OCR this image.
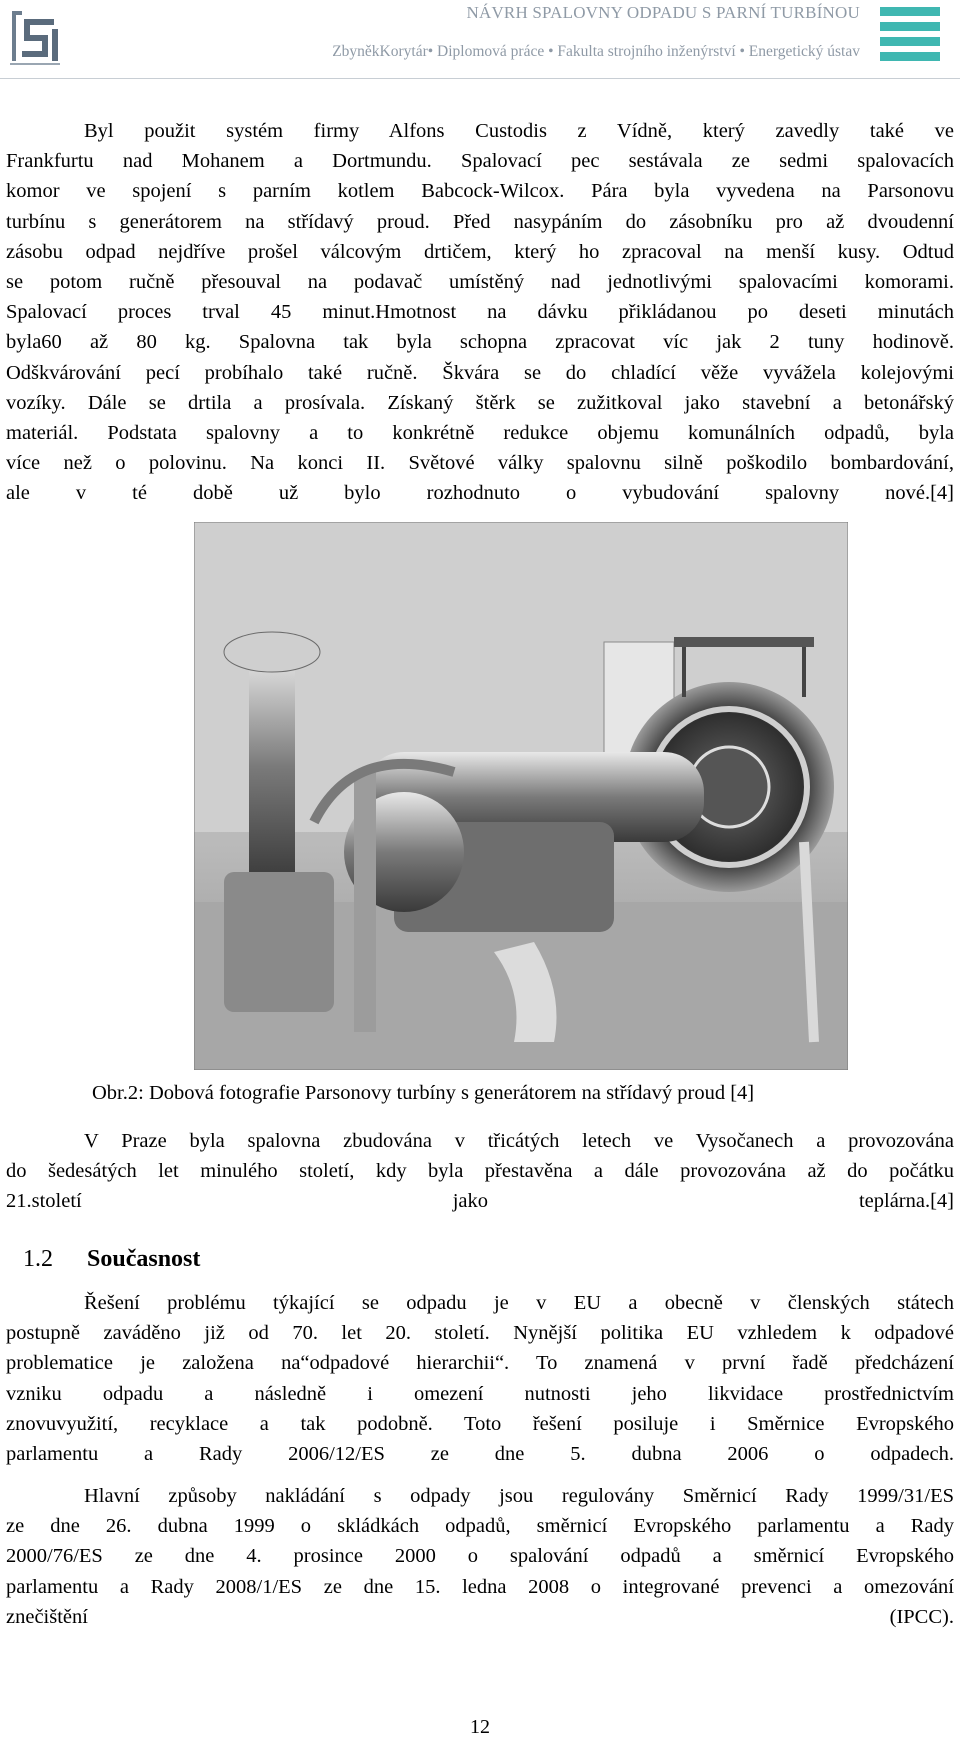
NÁVRH SPALOVNY ODPADU S PARNÍ TURBÍNOU
ZbyněkKorytár• Diplomová práce • Fakulta strojního inženýrství • Energetický ústav
Byl použit systém firmy Alfons Custodis z Vídně, který zavedly také ve
Frankfurtu nad Mohanem a Dortmundu. Spalovací pec sestávala ze sedmi spalovacích
komor ve spojení s parním kotlem Babcock-Wilcox. Pára byla vyvedena na Parsonovu
turbínu s generátorem na střídavý proud. Před nasypáním do zásobníku pro až dvoudenní
zásobu odpad nejdříve prošel válcovým drtičem, který ho zpracoval na menší kusy. Odtud
se potom ručně přesouval na podavač umístěný nad jednotlivými spalovacími komorami.
Spalovací proces trval 45 minut.Hmotnost na dávku přikládanou po deseti minutách
byla60 až 80 kg. Spalovna tak byla schopna zpracovat víc jak 2 tuny hodinově.
Odškvárování pecí probíhalo také ručně. Škvára se do chladící věže vyvážela kolejovými
vozíky. Dále se drtila a prosívala. Získaný štěrk se zužitkoval jako stavební a betonářský
materiál. Podstata spalovny a to konkrétně redukce objemu komunálních odpadů, byla
více než o polovinu. Na konci II. Světové války spalovnu silně poškodilo bombardování,
ale v té době už bylo rozhodnuto o vybudování spalovny nové.[4]
Obr.2: Dobová fotografie Parsonovy turbíny s generátorem na střídavý proud [4]
V Praze byla spalovna zbudována v třicátých letech ve Vysočanech a provozována
do šedesátých let minulého století, kdy byla přestavěna a dále provozována až do počátku
21.století jako teplárna.[4]
1.2 Současnost
Řešení problému týkající se odpadu je v EU a obecně v členských státech
postupně zaváděno již od 70. let 20. století. Nynější politika EU vzhledem k odpadové
problematice je založena na“odpadové hierarchii“. To znamená v první řadě předcházení
vzniku odpadu a následně i omezení nutnosti jeho likvidace prostřednictvím
znovuvyužití, recyklace a tak podobně. Toto řešení posiluje i Směrnice Evropského
parlamentu a Rady 2006/12/ES ze dne 5. dubna 2006 o odpadech.
Hlavní způsoby nakládání s odpady jsou regulovány Směrnicí Rady 1999/31/ES
ze dne 26. dubna 1999 o skládkách odpadů, směrnicí Evropského parlamentu a Rady
2000/76/ES ze dne 4. prosince 2000 o spalování odpadů a směrnicí Evropského
parlamentu a Rady 2008/1/ES ze dne 15. ledna 2008 o integrované prevenci a omezování
znečištění (IPCC).
12
